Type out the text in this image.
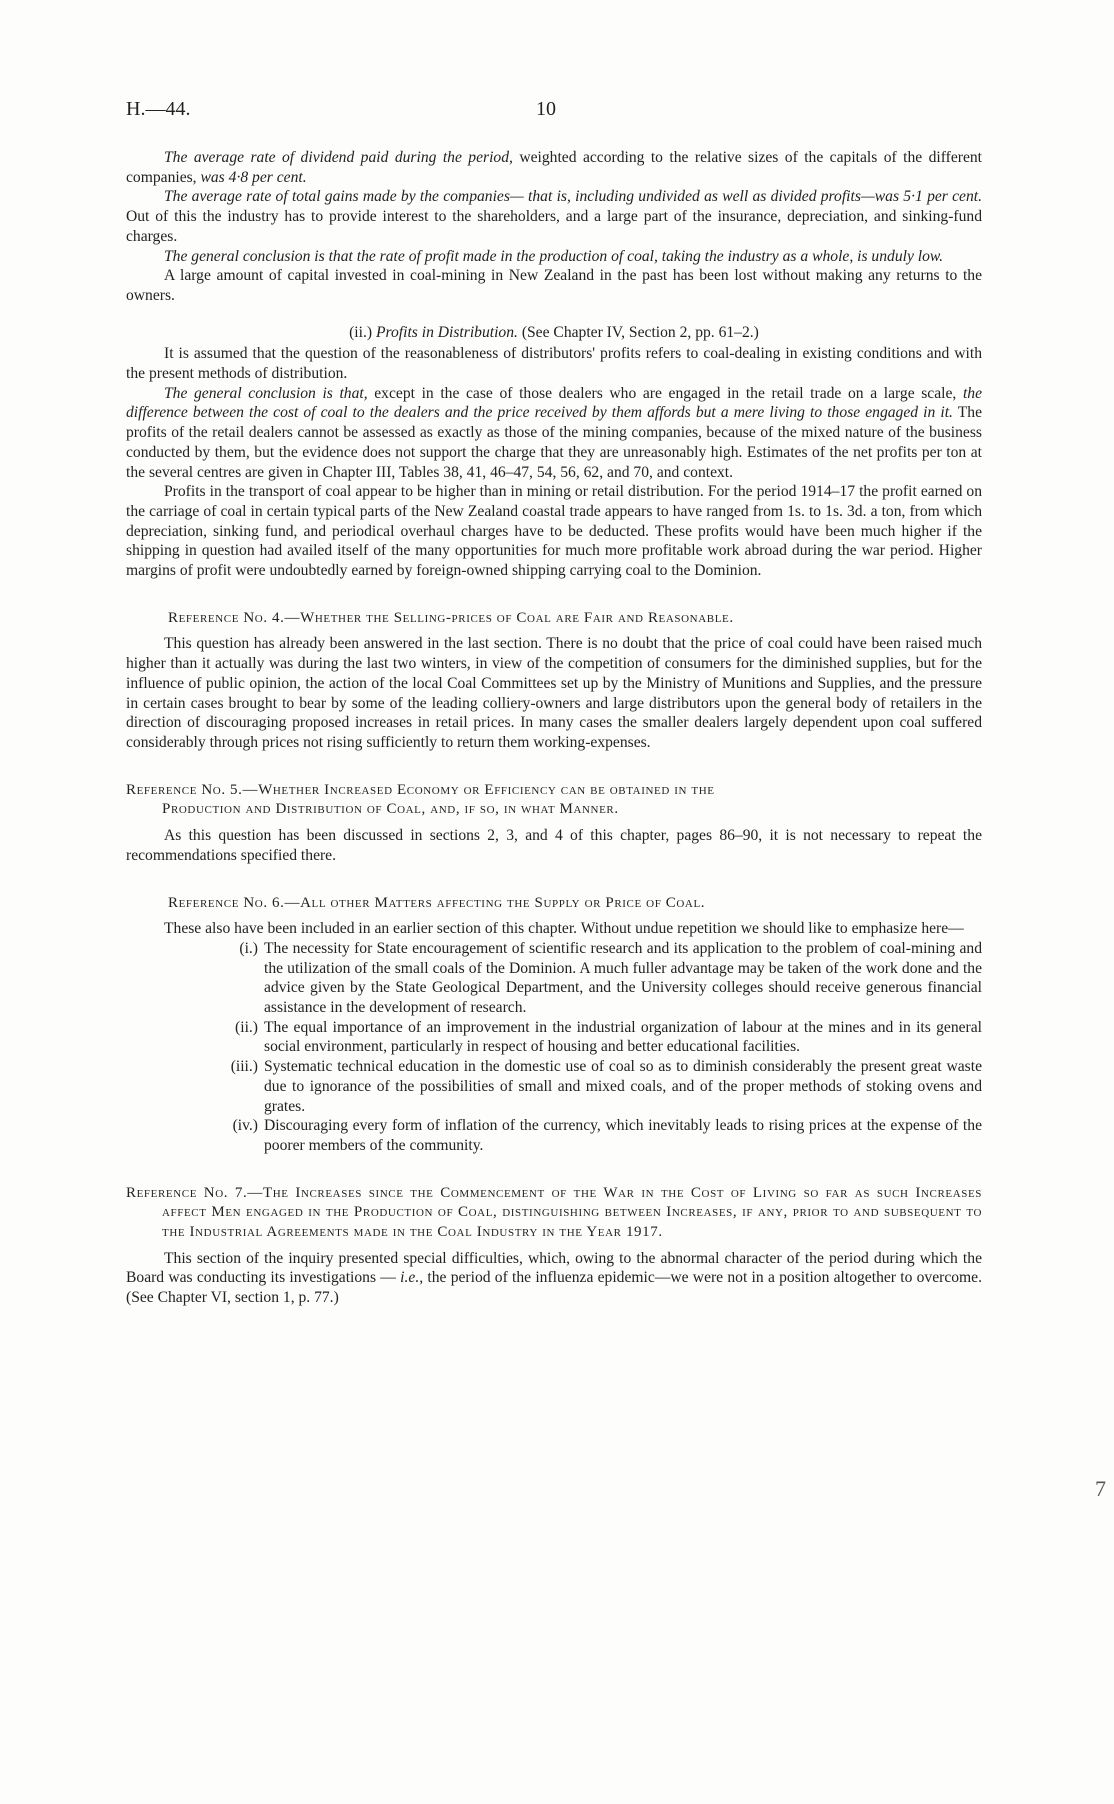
H.—44.	10

The average rate of dividend paid during the period, weighted according to the relative sizes of the capitals of the different companies, was 4·8 per cent.

The average rate of total gains made by the companies— that is, including undivided as well as divided profits—was 5·1 per cent. Out of this the industry has to provide interest to the shareholders, and a large part of the insurance, depreciation, and sinking-fund charges.

The general conclusion is that the rate of profit made in the production of coal, taking the industry as a whole, is unduly low.

A large amount of capital invested in coal-mining in New Zealand in the past has been lost without making any returns to the owners.

(ii.) Profits in Distribution. (See Chapter IV, Section 2, pp. 61–2.)

It is assumed that the question of the reasonableness of distributors' profits refers to coal-dealing in existing conditions and with the present methods of distribution.

The general conclusion is that, except in the case of those dealers who are engaged in the retail trade on a large scale, the difference between the cost of coal to the dealers and the price received by them affords but a mere living to those engaged in it. The profits of the retail dealers cannot be assessed as exactly as those of the mining companies, because of the mixed nature of the business conducted by them, but the evidence does not support the charge that they are unreasonably high. Estimates of the net profits per ton at the several centres are given in Chapter III, Tables 38, 41, 46–47, 54, 56, 62, and 70, and context.

Profits in the transport of coal appear to be higher than in mining or retail distribution. For the period 1914–17 the profit earned on the carriage of coal in certain typical parts of the New Zealand coastal trade appears to have ranged from 1s. to 1s. 3d. a ton, from which depreciation, sinking fund, and periodical overhaul charges have to be deducted. These profits would have been much higher if the shipping in question had availed itself of the many opportunities for much more profitable work abroad during the war period. Higher margins of profit were undoubtedly earned by foreign-owned shipping carrying coal to the Dominion.

Reference No. 4.—Whether the Selling-prices of Coal are Fair and Reasonable.

This question has already been answered in the last section. There is no doubt that the price of coal could have been raised much higher than it actually was during the last two winters, in view of the competition of consumers for the diminished supplies, but for the influence of public opinion, the action of the local Coal Committees set up by the Ministry of Munitions and Supplies, and the pressure in certain cases brought to bear by some of the leading colliery-owners and large distributors upon the general body of retailers in the direction of discouraging proposed increases in retail prices. In many cases the smaller dealers largely dependent upon coal suffered considerably through prices not rising sufficiently to return them working-expenses.

Reference No. 5.—Whether Increased Economy or Efficiency can be obtained in the
Production and Distribution of Coal, and, if so, in what Manner.

As this question has been discussed in sections 2, 3, and 4 of this chapter, pages 86–90, it is not necessary to repeat the recommendations specified there.

Reference No. 6.—All other Matters affecting the Supply or Price of Coal.

These also have been included in an earlier section of this chapter. Without undue repetition we should like to emphasize here—

(i.) The necessity for State encouragement of scientific research and its application to the problem of coal-mining and the utilization of the small coals of the Dominion. A much fuller advantage may be taken of the work done and the advice given by the State Geological Department, and the University colleges should receive generous financial assistance in the development of research.
(ii.) The equal importance of an improvement in the industrial organization of labour at the mines and in its general social environment, particularly in respect of housing and better educational facilities.
(iii.) Systematic technical education in the domestic use of coal so as to diminish considerably the present great waste due to ignorance of the possibilities of small and mixed coals, and of the proper methods of stoking ovens and grates.
(iv.) Discouraging every form of inflation of the currency, which inevitably leads to rising prices at the expense of the poorer members of the community.

Reference No. 7.—The Increases since the Commencement of the War in the Cost of Living so far as such Increases affect Men engaged in the Production of Coal, distinguishing between Increases, if any, prior to and subsequent to the Industrial Agreements made in the Coal Industry in the Year 1917.

This section of the inquiry presented special difficulties, which, owing to the abnormal character of the period during which the Board was conducting its investigations — i.e., the period of the influenza epidemic—we were not in a position altogether to overcome. (See Chapter VI, section 1, p. 77.)

7
